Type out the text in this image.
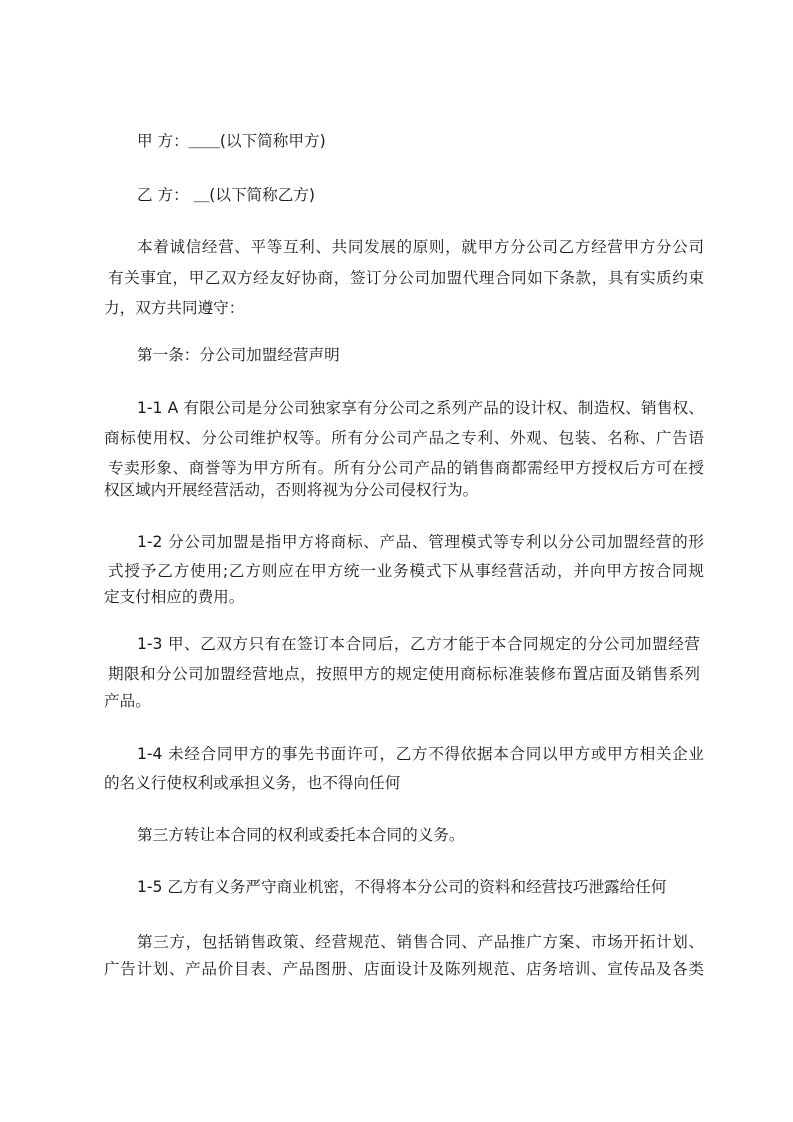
甲 方：＿＿(以下简称甲方)
乙 方： ＿(以下简称乙方)
本着诚信经营、平等互利、共同发展的原则，就甲方分公司乙方经营甲方分公司
有关事宜，甲乙双方经友好协商，签订分公司加盟代理合同如下条款，具有实质约束
力，双方共同遵守：
第一条：分公司加盟经营声明
1-1 A 有限公司是分公司独家享有分公司之系列产品的设计权、制造权、销售权、
商标使用权、分公司维护权等。所有分公司产品之专利、外观、包装、名称、广告语
专卖形象、商誉等为甲方所有。所有分公司产品的销售商都需经甲方授权后方可在授
权区域内开展经营活动，否则将视为分公司侵权行为。
1-2 分公司加盟是指甲方将商标、产品、管理模式等专利以分公司加盟经营的形
式授予乙方使用;乙方则应在甲方统一业务模式下从事经营活动，并向甲方按合同规
定支付相应的费用。
1-3 甲、乙双方只有在签订本合同后，乙方才能于本合同规定的分公司加盟经营
期限和分公司加盟经营地点，按照甲方的规定使用商标标准装修布置店面及销售系列
产品。
1-4 未经合同甲方的事先书面许可，乙方不得依据本合同以甲方或甲方相关企业
的名义行使权利或承担义务，也不得向任何
第三方转让本合同的权利或委托本合同的义务。
1-5 乙方有义务严守商业机密，不得将本分公司的资料和经营技巧泄露给任何
第三方，包括销售政策、经营规范、销售合同、产品推广方案、市场开拓计划、
广告计划、产品价目表、产品图册、店面设计及陈列规范、店务培训、宣传品及各类
